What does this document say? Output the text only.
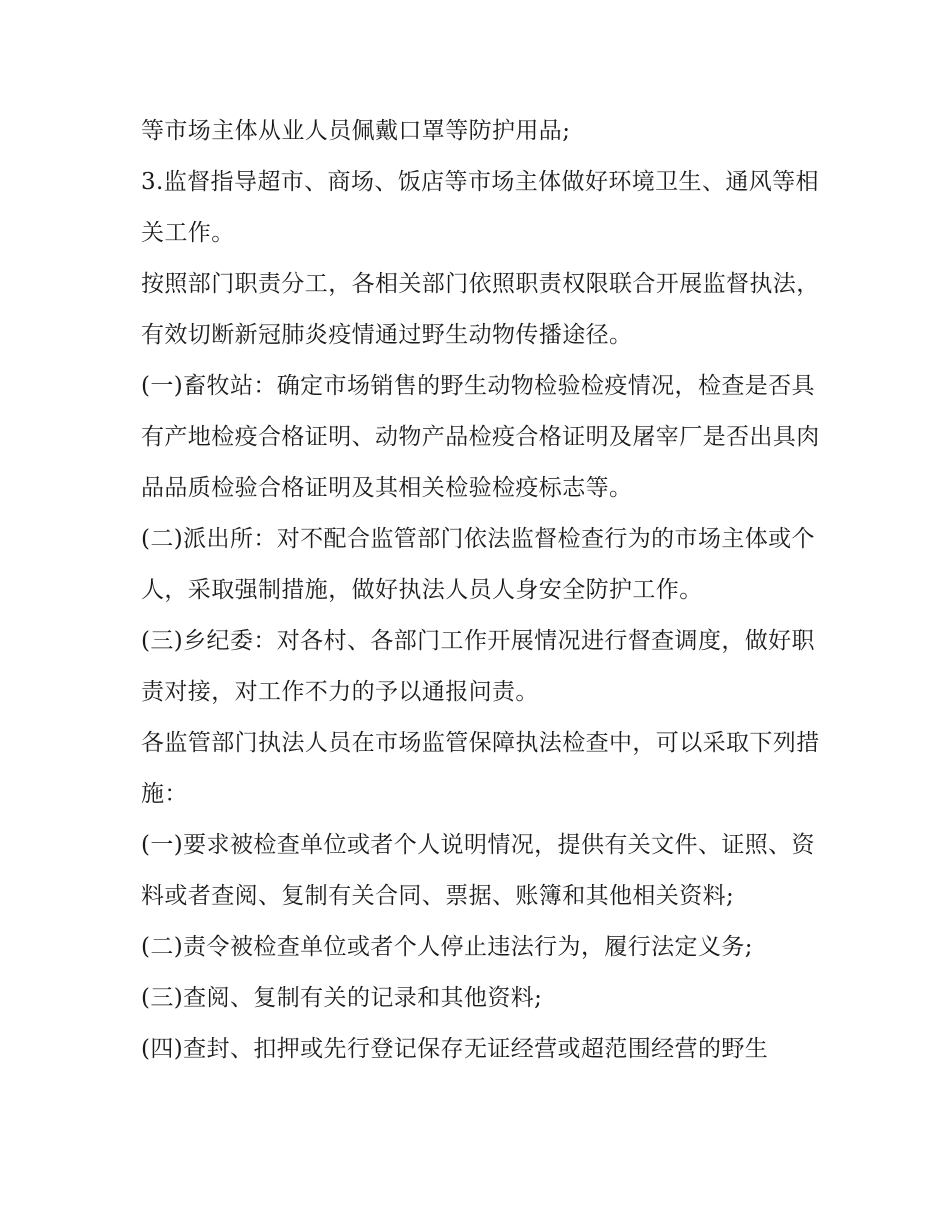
等市场主体从业人员佩戴口罩等防护用品;

3.监督指导超市、商场、饭店等市场主体做好环境卫生、通风等相关工作。

按照部门职责分工，各相关部门依照职责权限联合开展监督执法，有效切断新冠肺炎疫情通过野生动物传播途径。

(一)畜牧站：确定市场销售的野生动物检验检疫情况，检查是否具有产地检疫合格证明、动物产品检疫合格证明及屠宰厂是否出具肉品品质检验合格证明及其相关检验检疫标志等。

(二)派出所：对不配合监管部门依法监督检查行为的市场主体或个人，采取强制措施，做好执法人员人身安全防护工作。

(三)乡纪委：对各村、各部门工作开展情况进行督查调度，做好职责对接，对工作不力的予以通报问责。

各监管部门执法人员在市场监管保障执法检查中，可以采取下列措施：

(一)要求被检查单位或者个人说明情况，提供有关文件、证照、资料或者查阅、复制有关合同、票据、账簿和其他相关资料;

(二)责令被检查单位或者个人停止违法行为，履行法定义务;

(三)查阅、复制有关的记录和其他资料;

(四)查封、扣押或先行登记保存无证经营或超范围经营的野生
